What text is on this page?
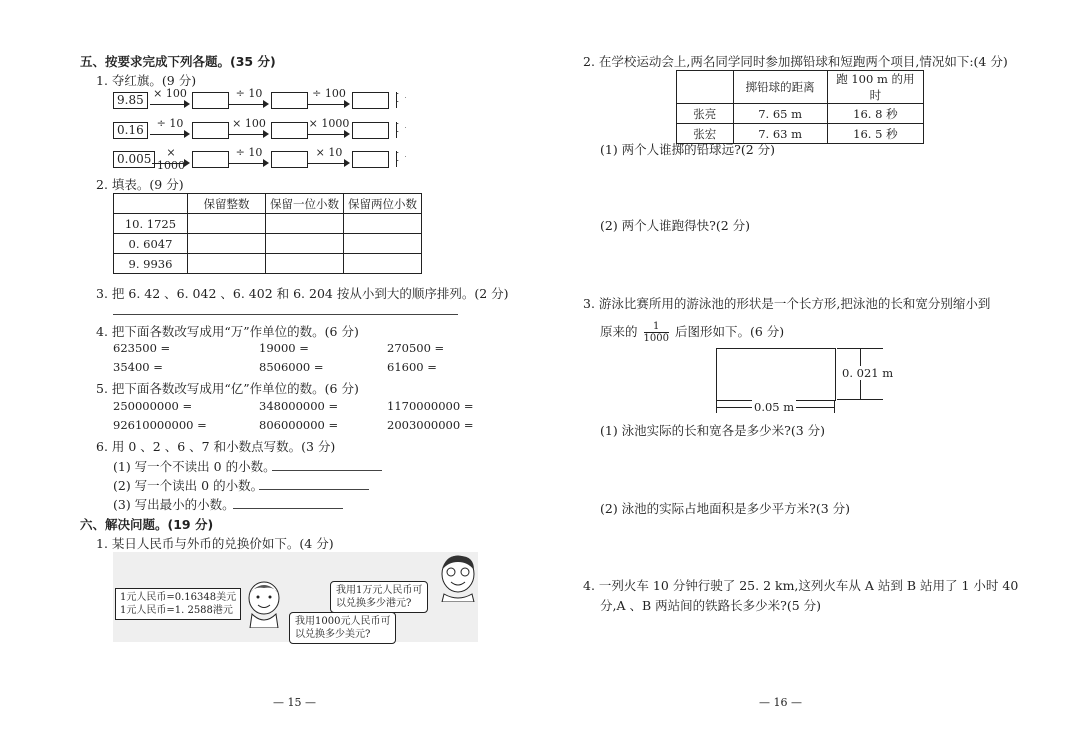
五、按要求完成下列各题。(35 分)
1. 夺红旗。(9 分)
9.85 × 100	÷ 10	÷ 100
0.16	÷ 10	× 100	× 1000
0.005	× 1000
÷ 10	× 10
2. 填表。(9 分)
	保留整数	保留一位小数	保留两位小数
10. 1725			
0. 6047			
9. 9936			
3. 把 6. 42 、6. 042 、6. 402 和 6. 204 按从小到大的顺序排列。(2 分)
4. 把下面各数改写成用“万”作单位的数。(6 分)
623500 =	19000 =	270500 =
35400 =	8506000 =	61600 =
5. 把下面各数改写成用“亿”作单位的数。(6 分)
250000000 =	348000000 =	1170000000 =
92610000000 =	806000000 =	2003000000 =
6. 用 0 、2 、6 、7 和小数点写数。(3 分)
(1) 写一个不读出 0 的小数。
(2) 写一个读出 0 的小数。
(3) 写出最小的小数。
六、解决问题。(19 分)
1. 某日人民币与外币的兑换价如下。(4 分)
1元人民币=0.16348美元
1元人民币=1. 2588港元
我用1万元人民币可
以兑换多少港元?
我用1000元人民币可
以兑换多少美元?
— 15 —
2. 在学校运动会上,两名同学同时参加掷铅球和短跑两个项目,情况如下:(4 分)
	掷铅球的距离	跑 100 m 的用时
张亮	7. 65 m	16. 8 秒
张宏	7. 63 m	16. 5 秒
(1) 两个人谁掷的铅球远?(2 分)
(2) 两个人谁跑得快?(2 分)
3. 游泳比赛所用的游泳池的形状是一个长方形,把泳池的长和宽分别缩小到
原来的 $\frac{1}{1000}$ 后图形如下。(6 分)
0. 021 m
0.05 m
(1) 泳池实际的长和宽各是多少米?(3 分)
(2) 泳池的实际占地面积是多少平方米?(3 分)
4. 一列火车 10 分钟行驶了 25. 2 km,这列火车从 A 站到 B 站用了 1 小时 40
分,A 、B 两站间的铁路长多少米?(5 分)
— 16 —
